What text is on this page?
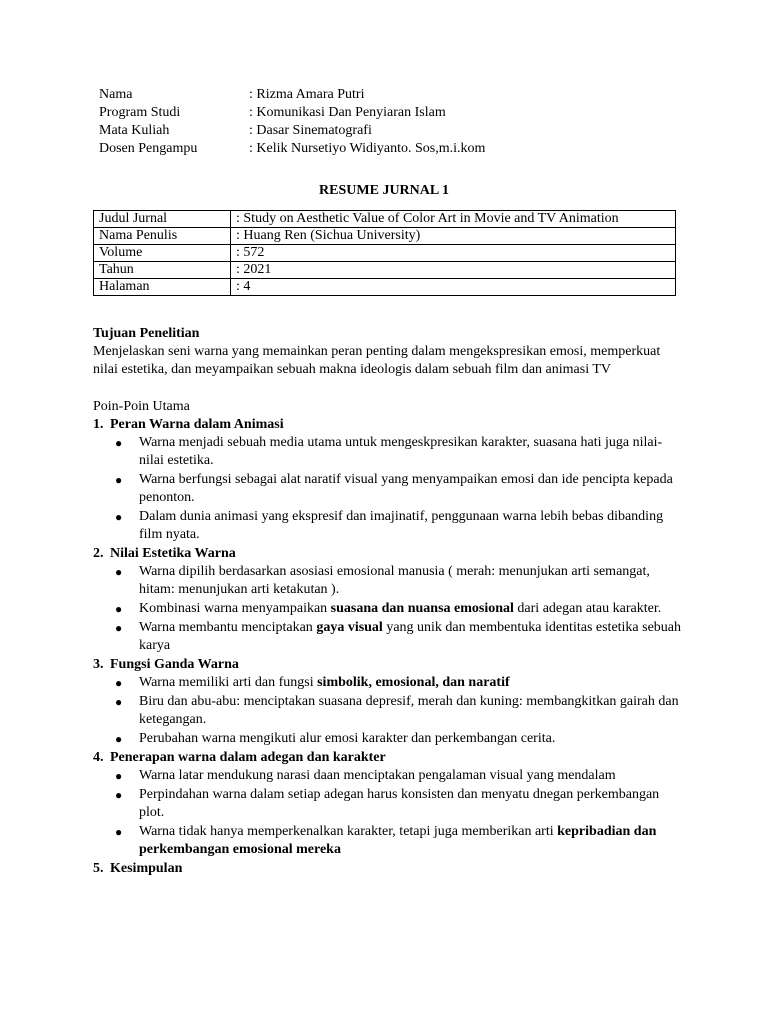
Nama	: Rizma Amara Putri
Program Studi	: Komunikasi Dan Penyiaran Islam
Mata Kuliah	: Dasar Sinematografi
Dosen Pengampu	: Kelik Nursetiyo Widiyanto. Sos,m.i.kom
RESUME JURNAL 1
Judul Jurnal	: Study on Aesthetic Value of Color Art in Movie and TV Animation
Nama Penulis	: Huang Ren (Sichua University)
Volume	: 572
Tahun	: 2021
Halaman	: 4

Tujuan Penelitian

Menjelaskan seni warna yang memainkan peran penting dalam mengekspresikan emosi, memperkuat nilai estetika, dan meyampaikan sebuah makna ideologis dalam sebuah film dan animasi TV

Poin-Poin Utama

1. Peran Warna dalam Animasi
● Warna menjadi sebuah media utama untuk mengeskpresikan karakter, suasana hati juga nilai-nilai estetika.
● Warna berfungsi sebagai alat naratif visual yang menyampaikan emosi dan ide pencipta kepada penonton.
● Dalam dunia animasi yang ekspresif dan imajinatif, penggunaan warna lebih bebas dibanding film nyata.
2. Nilai Estetika Warna
● Warna dipilih berdasarkan asosiasi emosional manusia ( merah: menunjukan arti semangat, hitam: menunjukan arti ketakutan ).
● Kombinasi warna menyampaikan suasana dan nuansa emosional dari adegan atau karakter.
● Warna membantu menciptakan gaya visual yang unik dan membentuka identitas estetika sebuah karya
3. Fungsi Ganda Warna
● Warna memiliki arti dan fungsi simbolik, emosional, dan naratif
● Biru dan abu-abu: menciptakan suasana depresif, merah dan kuning: membangkitkan gairah dan ketegangan.
● Perubahan warna mengikuti alur emosi karakter dan perkembangan cerita.
4. Penerapan warna dalam adegan dan karakter
● Warna latar mendukung narasi daan menciptakan pengalaman visual yang mendalam
● Perpindahan warna dalam setiap adegan harus konsisten dan menyatu dnegan perkembangan plot.
● Warna tidak hanya memperkenalkan karakter, tetapi juga memberikan arti kepribadian dan perkembangan emosional mereka
5. Kesimpulan
